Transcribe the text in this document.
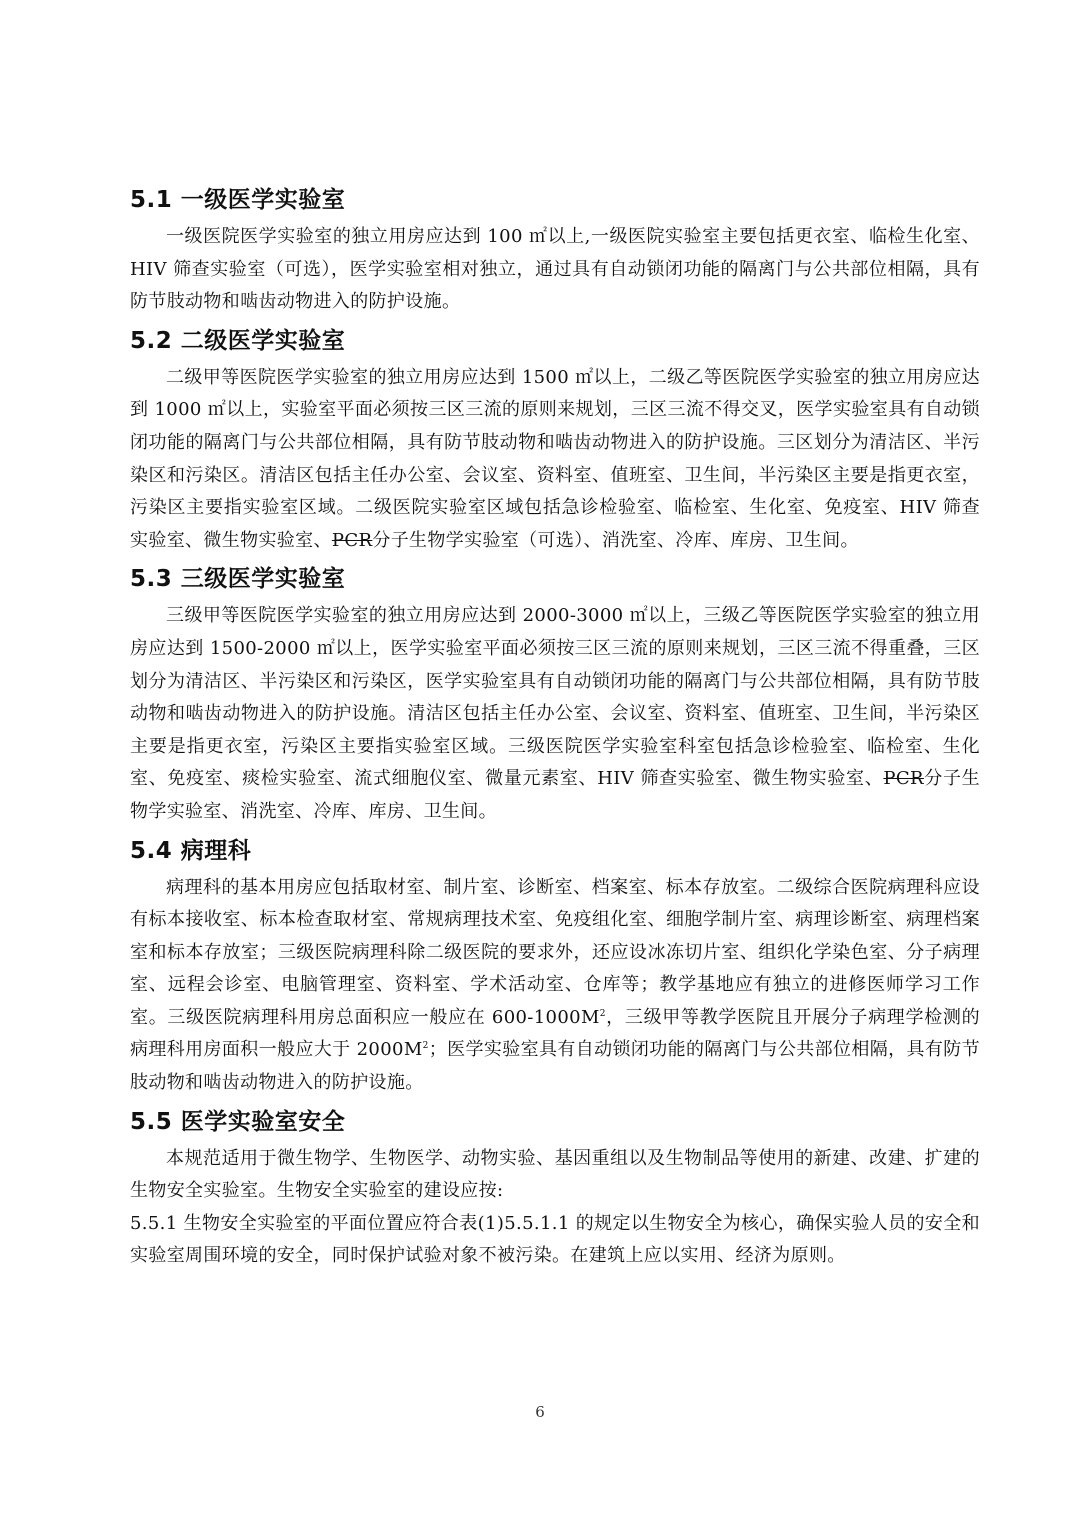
5.1 一级医学实验室

一级医院医学实验室的独立用房应达到 100 ㎡以上,一级医院实验室主要包括更衣室、临检生化室、HIV 筛查实验室（可选），医学实验室相对独立，通过具有自动锁闭功能的隔离门与公共部位相隔，具有防节肢动物和啮齿动物进入的防护设施。

5.2 二级医学实验室

二级甲等医院医学实验室的独立用房应达到 1500 ㎡以上，二级乙等医院医学实验室的独立用房应达到 1000 ㎡以上，实验室平面必须按三区三流的原则来规划，三区三流不得交叉，医学实验室具有自动锁闭功能的隔离门与公共部位相隔，具有防节肢动物和啮齿动物进入的防护设施。三区划分为清洁区、半污染区和污染区。清洁区包括主任办公室、会议室、资料室、值班室、卫生间，半污染区主要是指更衣室，污染区主要指实验室区域。二级医院实验室区域包括急诊检验室、临检室、生化室、免疫室、HIV 筛查实验室、微生物实验室、PCR分子生物学实验室（可选）、消洗室、冷库、库房、卫生间。

5.3 三级医学实验室

三级甲等医院医学实验室的独立用房应达到 2000-3000 ㎡以上，三级乙等医院医学实验室的独立用房应达到 1500-2000 ㎡以上，医学实验室平面必须按三区三流的原则来规划，三区三流不得重叠，三区划分为清洁区、半污染区和污染区，医学实验室具有自动锁闭功能的隔离门与公共部位相隔，具有防节肢动物和啮齿动物进入的防护设施。清洁区包括主任办公室、会议室、资料室、值班室、卫生间，半污染区主要是指更衣室，污染区主要指实验室区域。三级医院医学实验室科室包括急诊检验室、临检室、生化室、免疫室、痰检实验室、流式细胞仪室、微量元素室、HIV 筛查实验室、微生物实验室、PCR分子生物学实验室、消洗室、冷库、库房、卫生间。

5.4 病理科

病理科的基本用房应包括取材室、制片室、诊断室、档案室、标本存放室。二级综合医院病理科应设有标本接收室、标本检查取材室、常规病理技术室、免疫组化室、细胞学制片室、病理诊断室、病理档案室和标本存放室；三级医院病理科除二级医院的要求外，还应设冰冻切片室、组织化学染色室、分子病理室、远程会诊室、电脑管理室、资料室、学术活动室、仓库等；教学基地应有独立的进修医师学习工作室。三级医院病理科用房总面积应一般应在 $600-1000M^2$，三级甲等教学医院且开展分子病理学检测的病理科用房面积一般应大于 $2000M^2$；医学实验室具有自动锁闭功能的隔离门与公共部位相隔，具有防节肢动物和啮齿动物进入的防护设施。

5.5 医学实验室安全

本规范适用于微生物学、生物医学、动物实验、基因重组以及生物制品等使用的新建、改建、扩建的生物安全实验室。生物安全实验室的建设应按:

5.5.1 生物安全实验室的平面位置应符合表(1)5.5.1.1 的规定以生物安全为核心，确保实验人员的安全和实验室周围环境的安全，同时保护试验对象不被污染。在建筑上应以实用、经济为原则。

6
